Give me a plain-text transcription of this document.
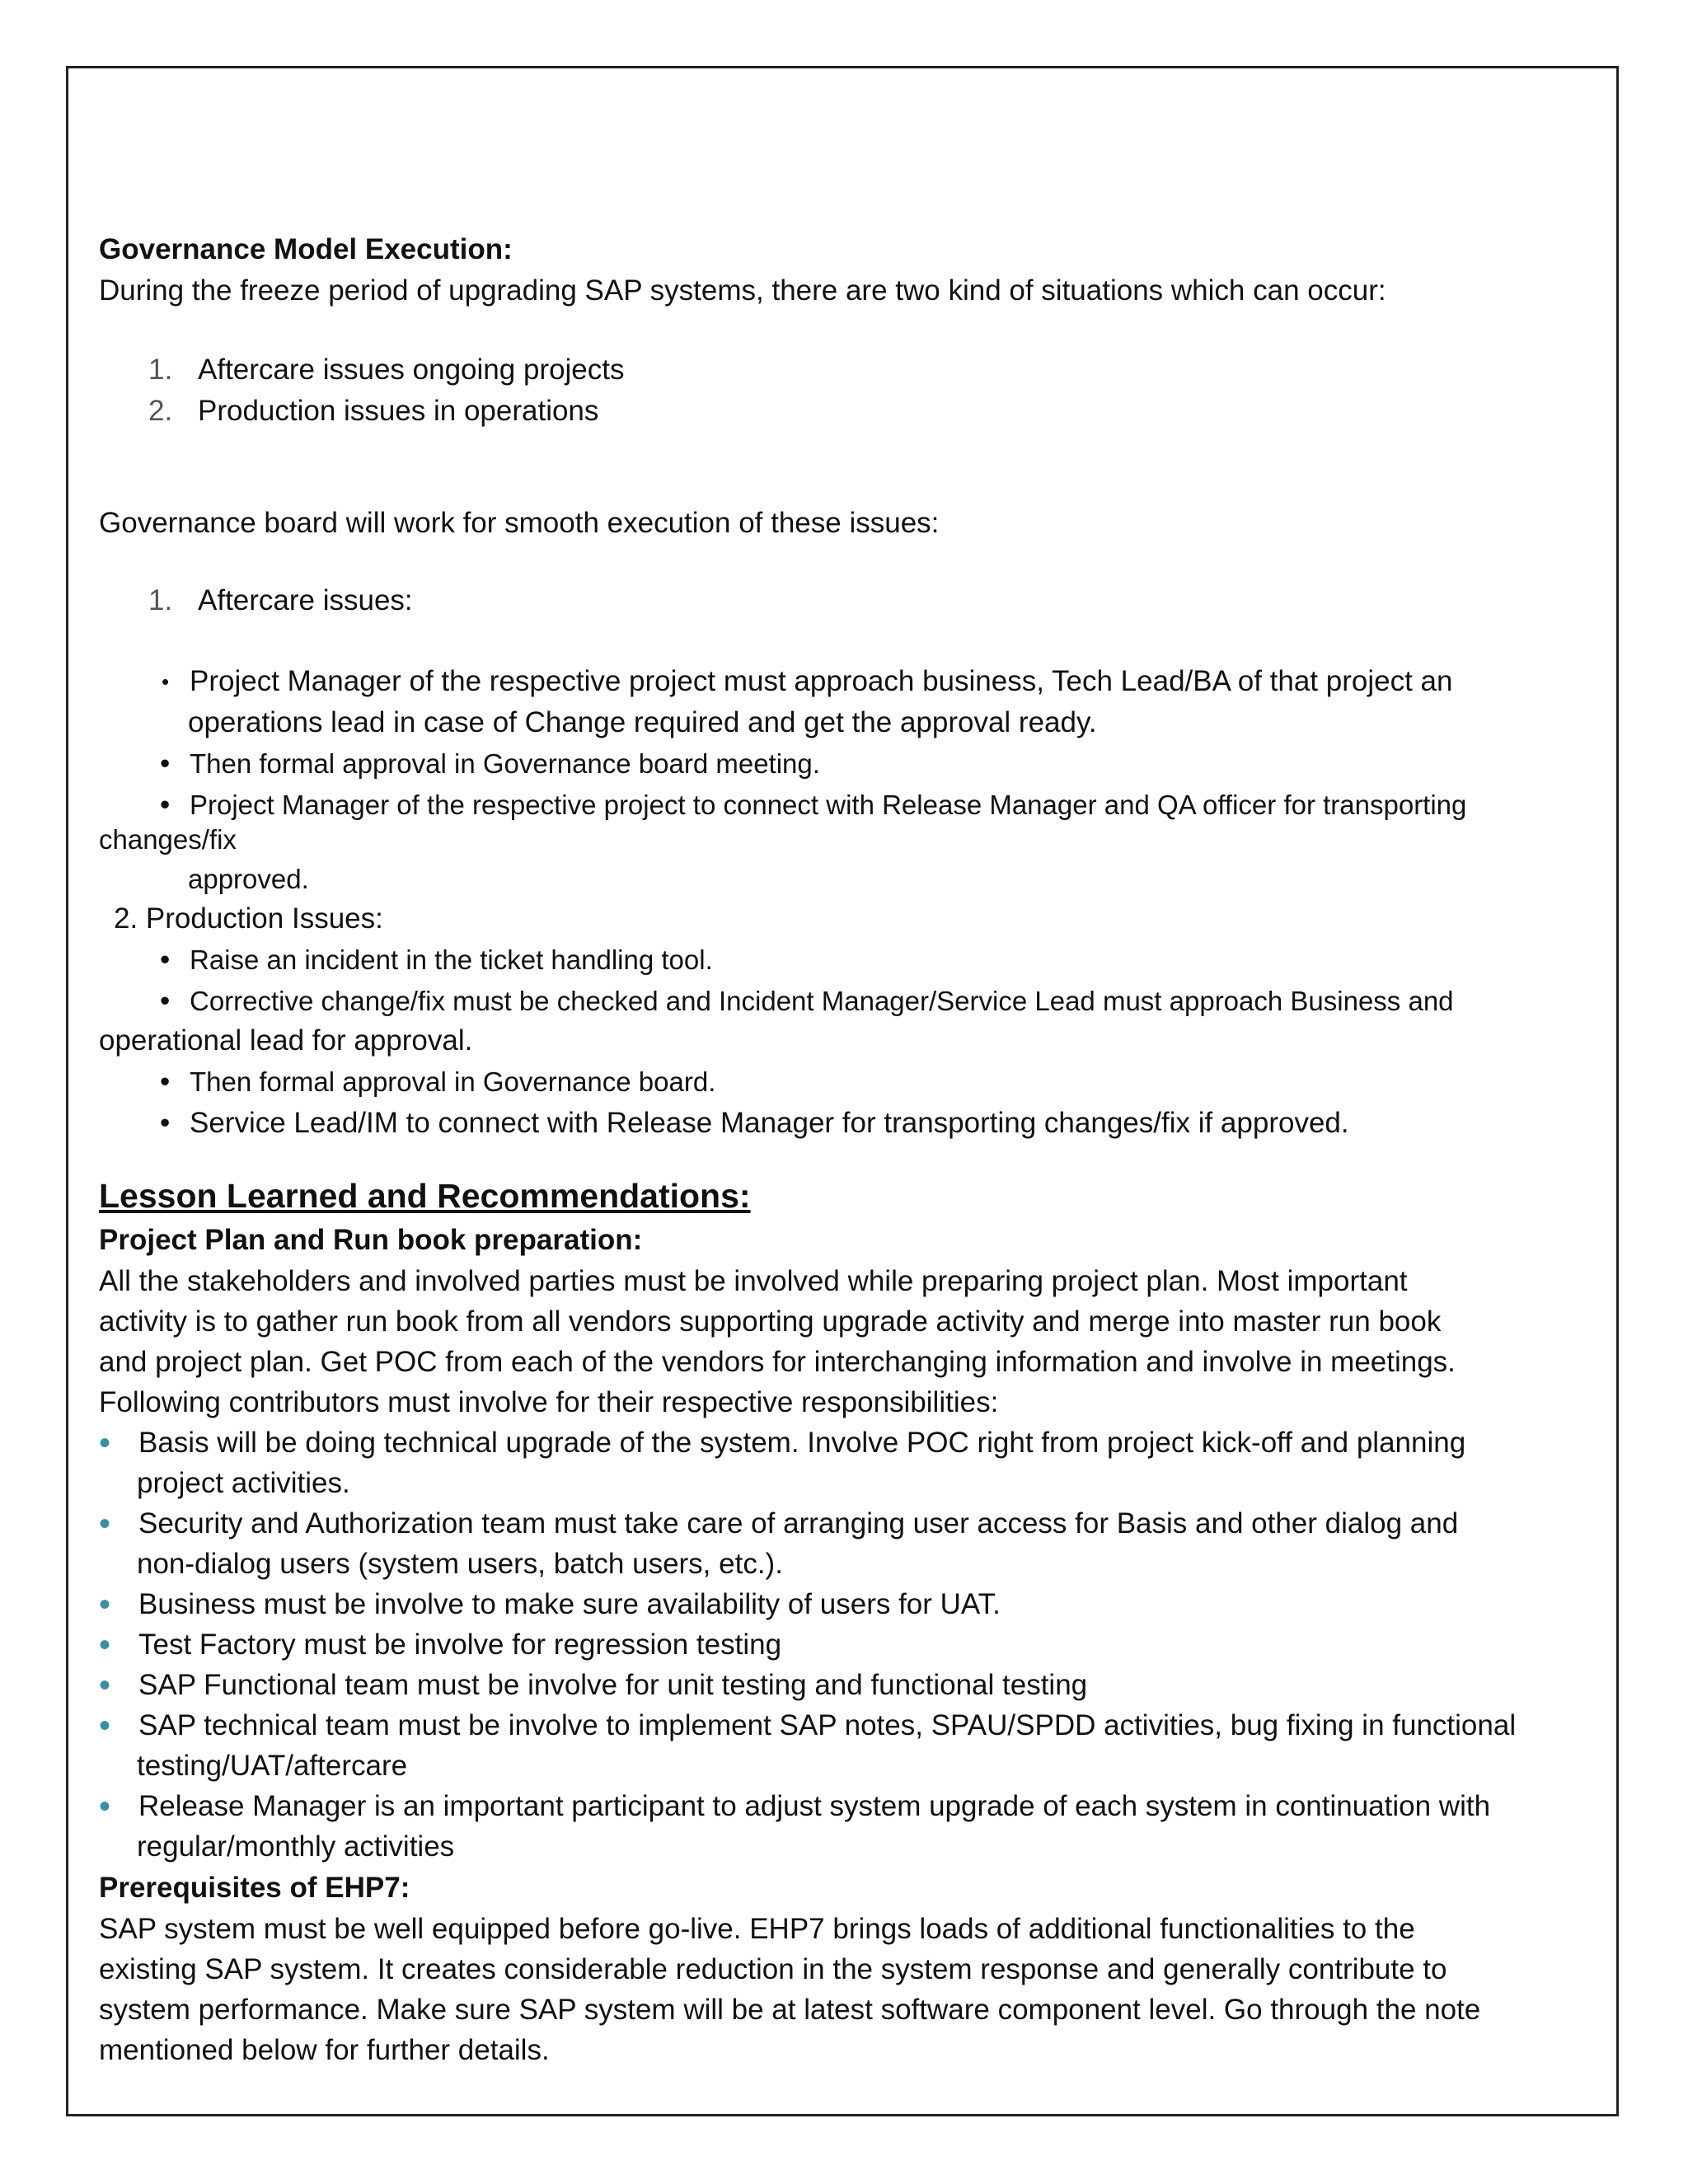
Governance Model Execution:
During the freeze period of upgrading SAP systems, there are two kind of situations which can occur:
1. Aftercare issues ongoing projects
2. Production issues in operations
Governance board will work for smooth execution of these issues:
1. Aftercare issues:
• Project Manager of the respective project must approach business, Tech Lead/BA of that project an
operations lead in case of Change required and get the approval ready.
• Then formal approval in Governance board meeting.
• Project Manager of the respective project to connect with Release Manager and QA officer for transporting
changes/fix
approved.
2. Production Issues:
• Raise an incident in the ticket handling tool.
• Corrective change/fix must be checked and Incident Manager/Service Lead must approach Business and
operational lead for approval.
• Then formal approval in Governance board.
• Service Lead/IM to connect with Release Manager for transporting changes/fix if approved.
Lesson Learned and Recommendations:
Project Plan and Run book preparation:
All the stakeholders and involved parties must be involved while preparing project plan. Most important
activity is to gather run book from all vendors supporting upgrade activity and merge into master run book
and project plan. Get POC from each of the vendors for interchanging information and involve in meetings.
Following contributors must involve for their respective responsibilities:
• Basis will be doing technical upgrade of the system. Involve POC right from project kick-off and planning
project activities.
• Security and Authorization team must take care of arranging user access for Basis and other dialog and
non-dialog users (system users, batch users, etc.).
• Business must be involve to make sure availability of users for UAT.
• Test Factory must be involve for regression testing
• SAP Functional team must be involve for unit testing and functional testing
• SAP technical team must be involve to implement SAP notes, SPAU/SPDD activities, bug fixing in functional
testing/UAT/aftercare
• Release Manager is an important participant to adjust system upgrade of each system in continuation with
regular/monthly activities
Prerequisites of EHP7:
SAP system must be well equipped before go-live. EHP7 brings loads of additional functionalities to the
existing SAP system. It creates considerable reduction in the system response and generally contribute to
system performance. Make sure SAP system will be at latest software component level. Go through the note
mentioned below for further details.
